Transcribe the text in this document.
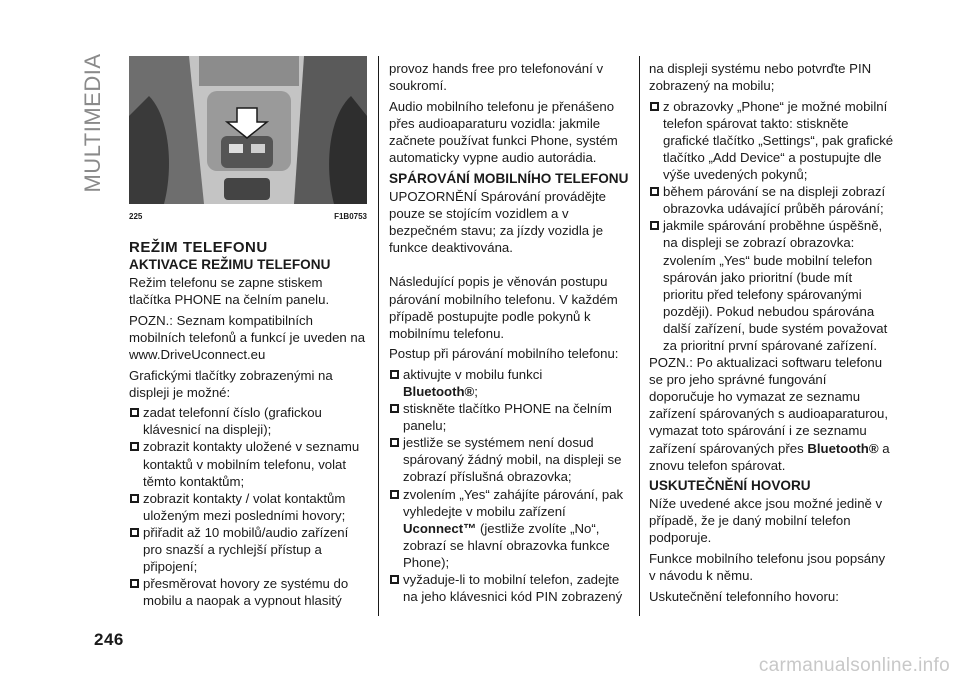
MULTIMEDIA
225	F1B0753
REŽIM TELEFONU
AKTIVACE REŽIMU TELEFONU

Režim telefonu se zapne stiskem tlačítka PHONE na čelním panelu.

POZN.: Seznam kompatibilních mobilních telefonů a funkcí je uveden na www.DriveUconnect.eu

Grafickými tlačítky zobrazenými na displeji je možné:

zadat telefonní číslo (grafickou klávesnicí na displeji);
zobrazit kontakty uložené v seznamu kontaktů v mobilním telefonu, volat těmto kontaktům;
zobrazit kontakty / volat kontaktům uloženým mezi posledními hovory;
přiřadit až 10 mobilů/audio zařízení pro snazší a rychlejší přístup a připojení;
přesměrovat hovory ze systému do mobilu a naopak a vypnout hlasitý

provoz hands free pro telefonování v soukromí.

Audio mobilního telefonu je přenášeno přes audioaparaturu vozidla: jakmile začnete používat funkci Phone, systém automaticky vypne audio autorádia.

SPÁROVÁNÍ MOBILNÍHO TELEFONU

UPOZORNĚNÍ Spárování provádějte pouze se stojícím vozidlem a v bezpečném stavu; za jízdy vozidla je funkce deaktivována.

Následující popis je věnován postupu párování mobilního telefonu. V každém případě postupujte podle pokynů k mobilnímu telefonu.

Postup při párování mobilního telefonu:

aktivujte v mobilu funkci
Bluetooth®;
stiskněte tlačítko PHONE na čelním panelu;
jestliže se systémem není dosud spárovaný žádný mobil, na displeji se zobrazí příslušná obrazovka;
zvolením „Yes“ zahájíte párování, pak vyhledejte v mobilu zařízení Uconnect™ (jestliže zvolíte „No“, zobrazí se hlavní obrazovka funkce Phone);
vyžaduje-li to mobilní telefon, zadejte na jeho klávesnici kód PIN zobrazený

na displeji systému nebo potvrďte PIN zobrazený na mobilu;

z obrazovky „Phone“ je možné mobilní telefon spárovat takto: stiskněte grafické tlačítko „Settings“, pak grafické tlačítko „Add Device“ a postupujte dle výše uvedených pokynů;
během párování se na displeji zobrazí obrazovka udávající průběh párování;
jakmile spárování proběhne úspěšně, na displeji se zobrazí obrazovka: zvolením „Yes“ bude mobilní telefon spárován jako prioritní (bude mít prioritu před telefony spárovanými později). Pokud nebudou spárována další zařízení, bude systém považovat za prioritní první spárované zařízení.

POZN.: Po aktualizaci softwaru telefonu se pro jeho správné fungování doporučuje ho vymazat ze seznamu zařízení spárovaných s audioaparaturou, vymazat toto spárování i ze seznamu zařízení spárovaných přes Bluetooth® a znovu telefon spárovat.

USKUTEČNĚNÍ HOVORU

Níže uvedené akce jsou možné jedině v případě, že je daný mobilní telefon podporuje.

Funkce mobilního telefonu jsou popsány v návodu k němu.

Uskutečnění telefonního hovoru:

246
carmanualsonline.info
